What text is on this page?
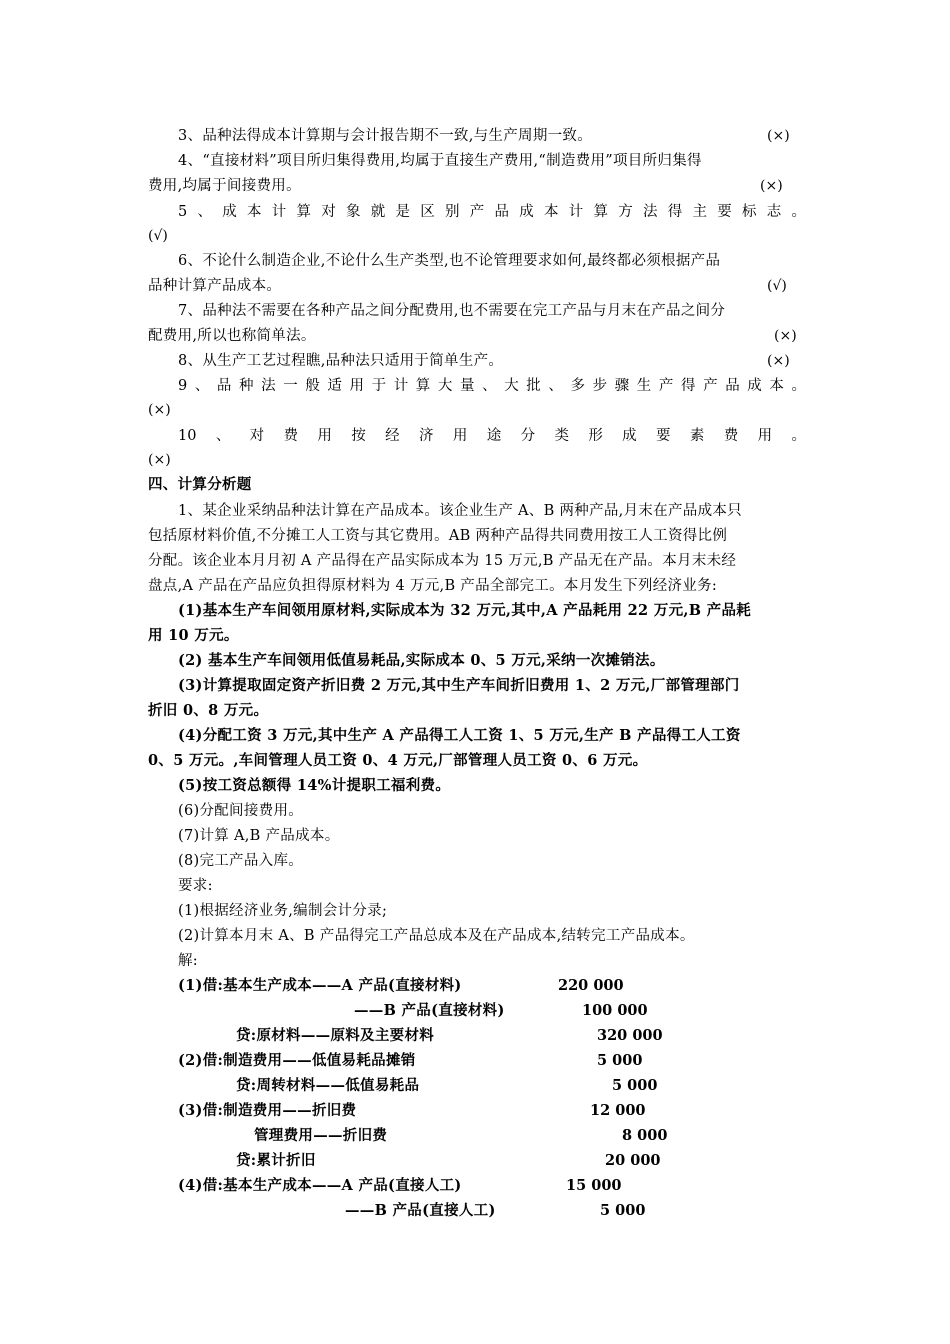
3、品种法得成本计算期与会计报告期不一致,与生产周期一致。	(×)
4、“直接材料”项目所归集得费用,均属于直接生产费用,“制造费用”项目所归集得
费用,均属于间接费用。	(×)
5、成本计算对象就是区别产品成本计算方法得主要标志。
(√)
6、不论什么制造企业,不论什么生产类型,也不论管理要求如何,最终都必须根据产品
品种计算产品成本。	(√)
7、品种法不需要在各种产品之间分配费用,也不需要在完工产品与月末在产品之间分
配费用,所以也称简单法。	(×)
8、从生产工艺过程瞧,品种法只适用于简单生产。	(×)
9、品种法一般适用于计算大量、大批、多步骤生产得产品成本。
(×)
10、对费用按经济用途分类形成要素费用。
(×)
四、计算分析题
1、某企业采纳品种法计算在产品成本。该企业生产 A、B 两种产品,月末在产品成本只
包括原材料价值,不分摊工人工资与其它费用。AB 两种产品得共同费用按工人工资得比例
分配。该企业本月月初 A 产品得在产品实际成本为 15 万元,B 产品无在产品。本月末未经
盘点,A 产品在产品应负担得原材料为 4 万元,B 产品全部完工。本月发生下列经济业务:
(1)基本生产车间领用原材料,实际成本为 32 万元,其中,A 产品耗用 22 万元,B 产品耗
用 10 万元。
(2) 基本生产车间领用低值易耗品,实际成本 0、5 万元,采纳一次摊销法。
(3)计算提取固定资产折旧费 2 万元,其中生产车间折旧费用 1、2 万元,厂部管理部门
折旧 0、8 万元。
(4)分配工资 3 万元,其中生产 A 产品得工人工资 1、5 万元,生产 B 产品得工人工资
0、5 万元。,车间管理人员工资 0、4 万元,厂部管理人员工资 0、6 万元。
(5)按工资总额得 14%计提职工福利费。
(6)分配间接费用。
(7)计算 A,B 产品成本。
(8)完工产品入库。
要求:
(1)根据经济业务,编制会计分录;
(2)计算本月末 A、B 产品得完工产品总成本及在产品成本,结转完工产品成本。
解:
(1)借:基本生产成本——A 产品(直接材料)	220 000
——B 产品(直接材料)	100 000
贷:原材料——原料及主要材料	320 000
(2)借:制造费用——低值易耗品摊销	5 000
贷:周转材料——低值易耗品	5 000
(3)借:制造费用——折旧费	12 000
管理费用——折旧费	8 000
贷:累计折旧	20 000
(4)借:基本生产成本——A 产品(直接人工)	15 000
——B 产品(直接人工)	5 000
